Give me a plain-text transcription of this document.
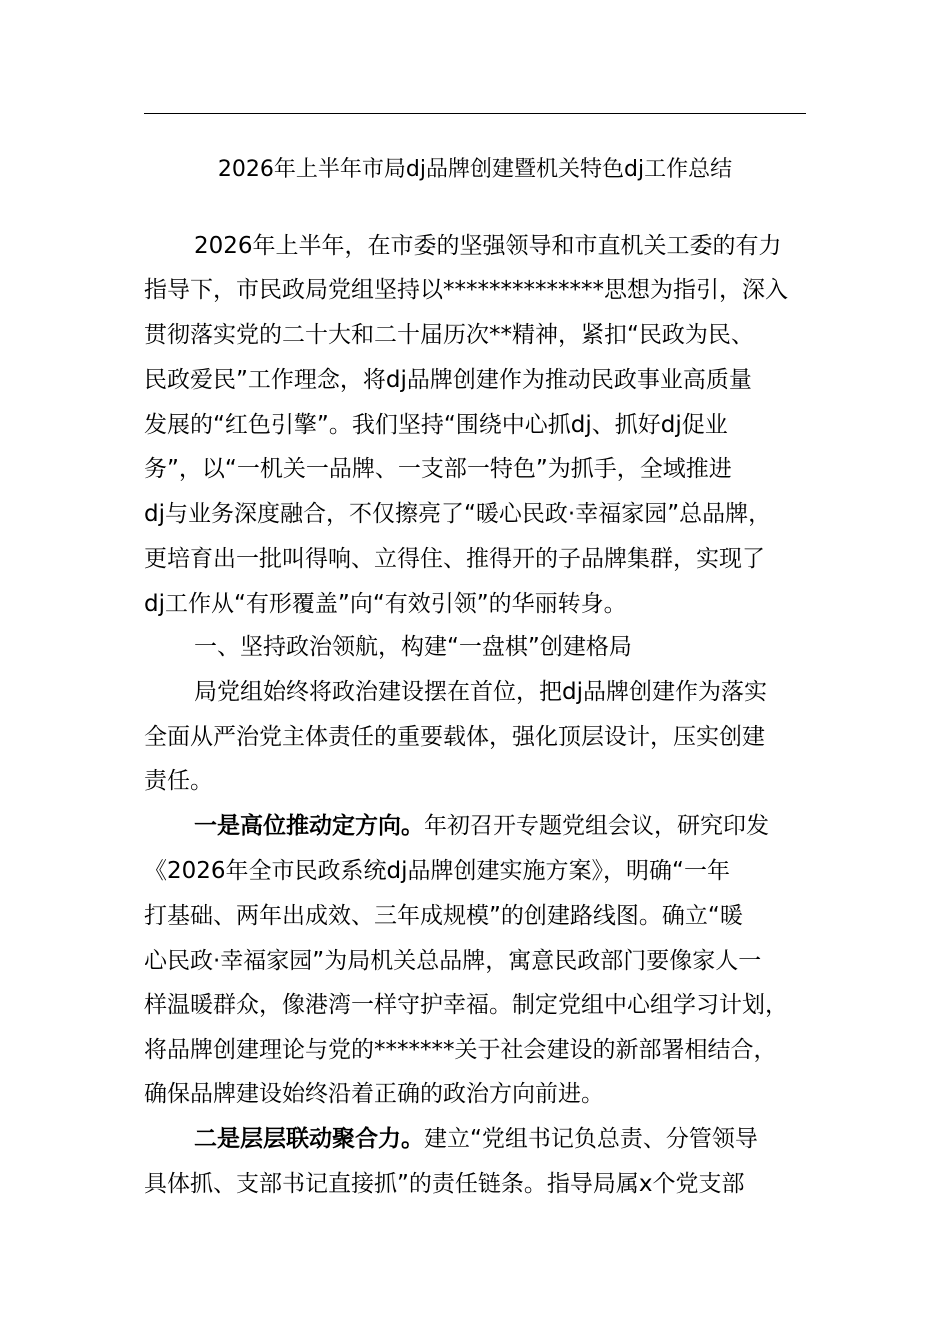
2026年上半年市局dj品牌创建暨机关特色dj工作总结
2026年上半年，在市委的坚强领导和市直机关工委的有力
指导下，市民政局党组坚持以**************思想为指引，深入
贯彻落实党的二十大和二十届历次**精神，紧扣“民政为民、
民政爱民”工作理念，将dj品牌创建作为推动民政事业高质量
发展的“红色引擎”。我们坚持“围绕中心抓dj、抓好dj促业
务”，以“一机关一品牌、一支部一特色”为抓手，全域推进
dj与业务深度融合，不仅擦亮了“暖心民政·幸福家园”总品牌，
更培育出一批叫得响、立得住、推得开的子品牌集群，实现了
dj工作从“有形覆盖”向“有效引领”的华丽转身。
一、坚持政治领航，构建“一盘棋”创建格局
局党组始终将政治建设摆在首位，把dj品牌创建作为落实
全面从严治党主体责任的重要载体，强化顶层设计，压实创建
责任。
一是高位推动定方向。年初召开专题党组会议，研究印发
《2026年全市民政系统dj品牌创建实施方案》，明确“一年
打基础、两年出成效、三年成规模”的创建路线图。确立“暖
心民政·幸福家园”为局机关总品牌，寓意民政部门要像家人一
样温暖群众，像港湾一样守护幸福。制定党组中心组学习计划，
将品牌创建理论与党的*******关于社会建设的新部署相结合，
确保品牌建设始终沿着正确的政治方向前进。
二是层层联动聚合力。建立“党组书记负总责、分管领导
具体抓、支部书记直接抓”的责任链条。指导局属x个党支部
